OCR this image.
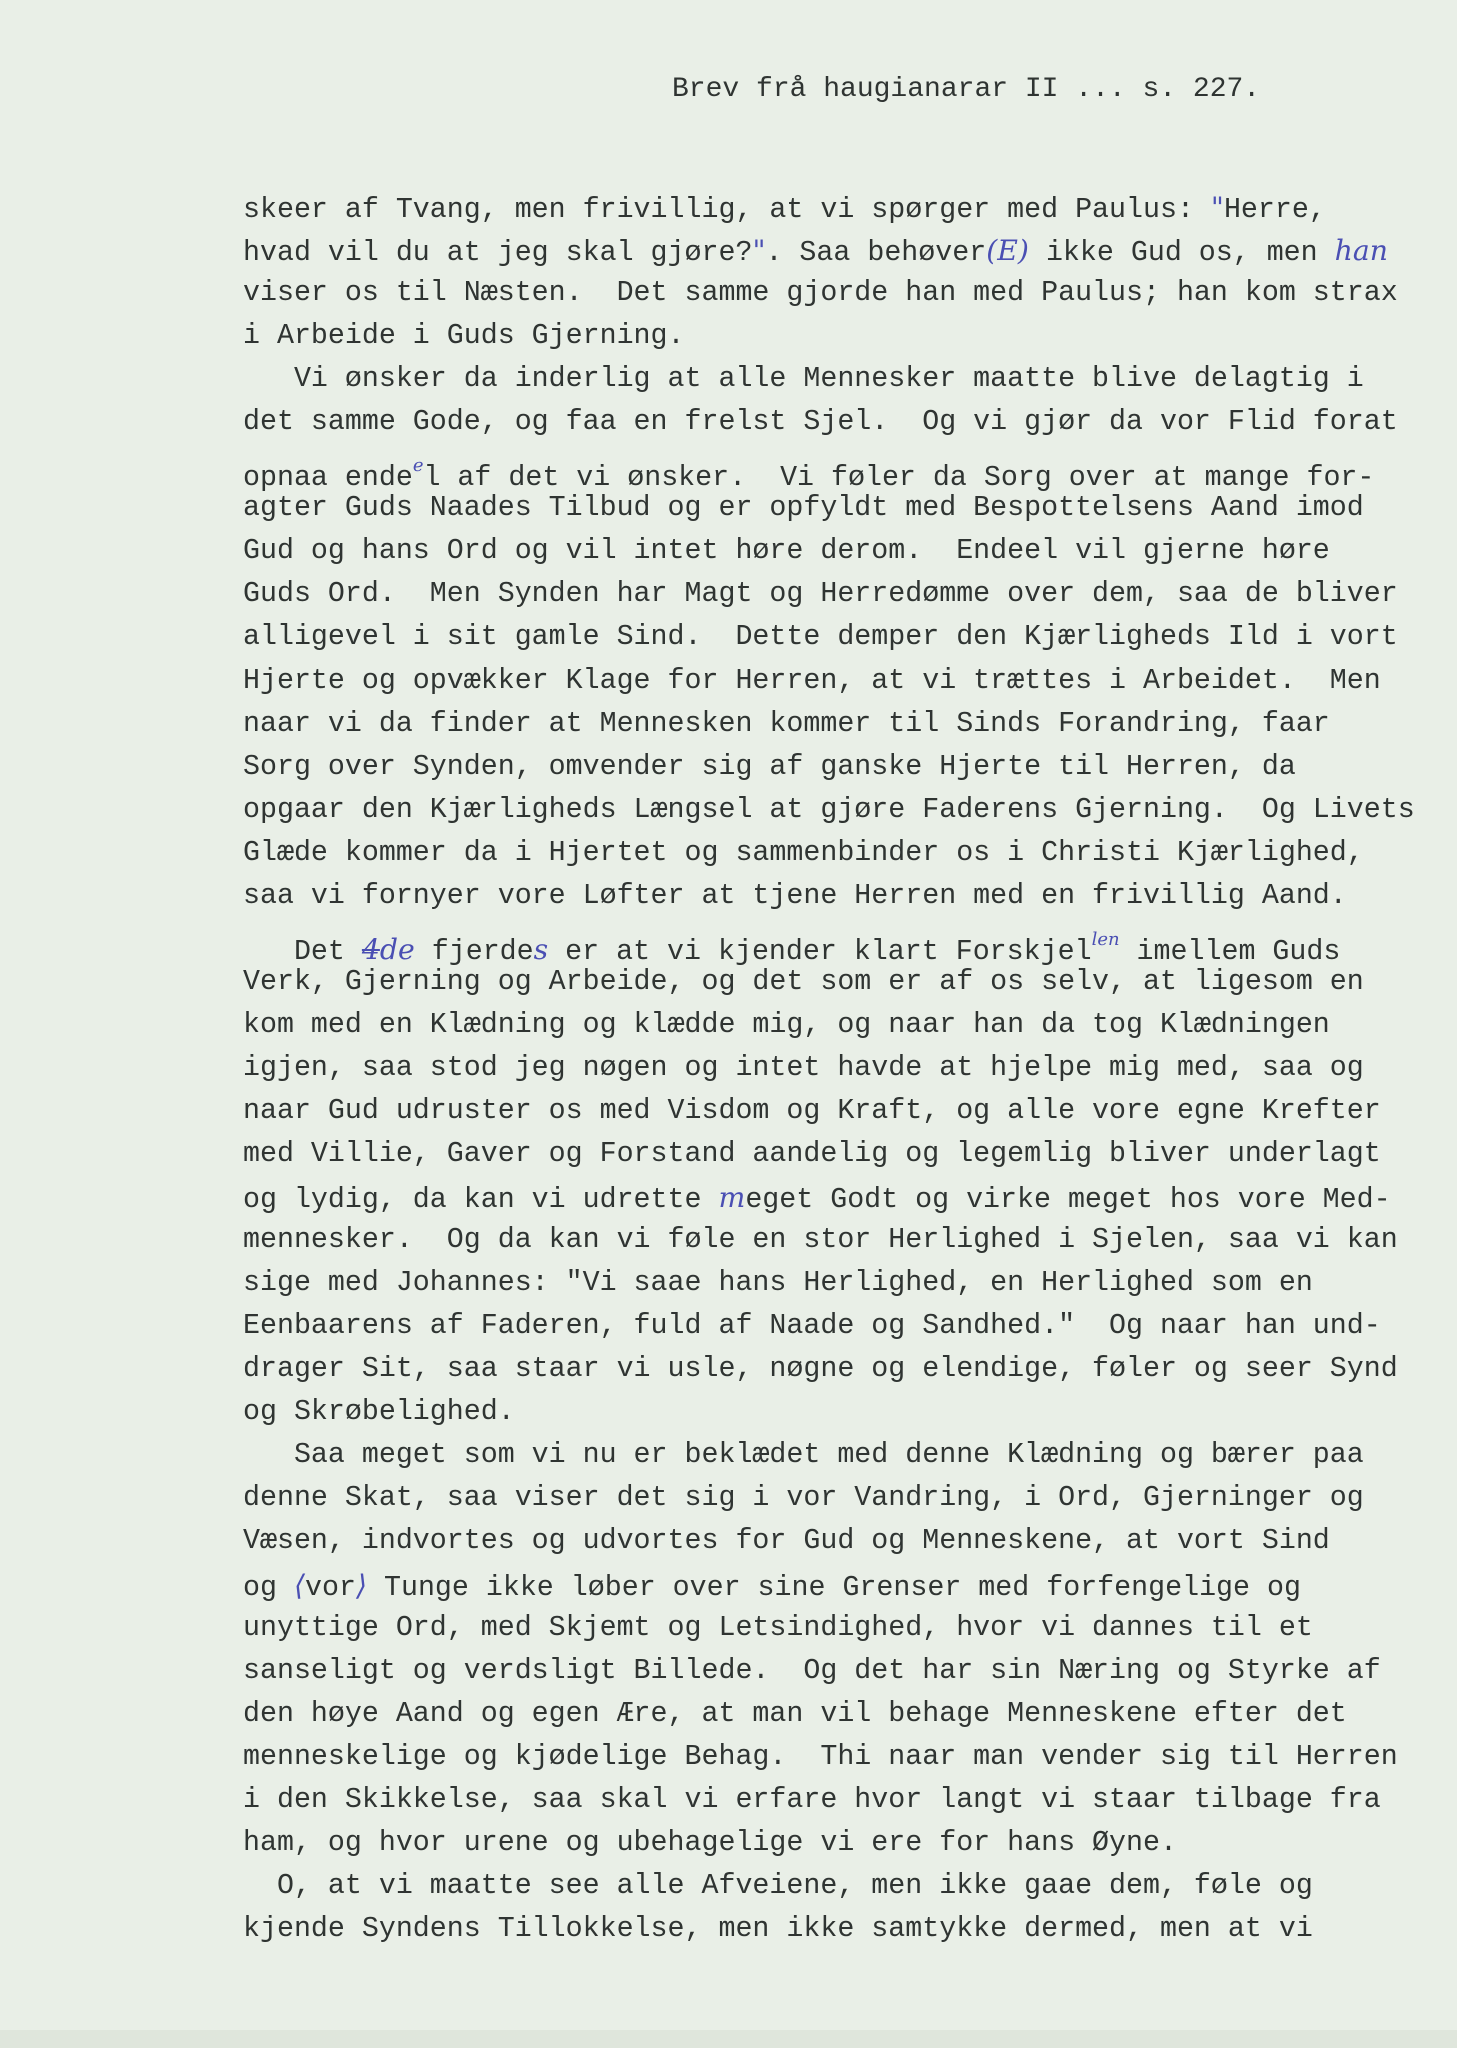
Brev frå haugianarar II ... s. 227.
skeer af Tvang, men frivillig, at vi spørger med Paulus: "Herre,
hvad vil du at jeg skal gjøre?". Saa behøver(E) ikke Gud os, men han
viser os til Næsten.  Det samme gjorde han med Paulus; han kom strax
i Arbeide i Guds Gjerning.
Vi ønsker da inderlig at alle Mennesker maatte blive delagtig i
det samme Gode, og faa en frelst Sjel.  Og vi gjør da vor Flid forat
opnaa ende$^e$l af det vi ønsker.  Vi føler da Sorg over at mange for-
agter Guds Naades Tilbud og er opfyldt med Bespottelsens Aand imod
Gud og hans Ord og vil intet høre derom.  Endeel vil gjerne høre
Guds Ord.  Men Synden har Magt og Herredømme over dem, saa de bliver
alligevel i sit gamle Sind.  Dette demper den Kjærligheds Ild i vort
Hjerte og opvækker Klage for Herren, at vi trættes i Arbeidet.  Men
naar vi da finder at Mennesken kommer til Sinds Forandring, faar
Sorg over Synden, omvender sig af ganske Hjerte til Herren, da
opgaar den Kjærligheds Længsel at gjøre Faderens Gjerning.  Og Livets
Glæde kommer da i Hjertet og sammenbinder os i Christi Kjærlighed,
saa vi fornyer vore Løfter at tjene Herren med en frivillig Aand.
Det 4de fjerdes er at vi kjender klart Forskjel$^{len}$ imellem Guds
Verk, Gjerning og Arbeide, og det som er af os selv, at ligesom en
kom med en Klædning og klædde mig, og naar han da tog Klædningen
igjen, saa stod jeg nøgen og intet havde at hjelpe mig med, saa og
naar Gud udruster os med Visdom og Kraft, og alle vore egne Krefter
med Villie, Gaver og Forstand aandelig og legemlig bliver underlagt
og lydig, da kan vi udrette meget Godt og virke meget hos vore Med-
mennesker.  Og da kan vi føle en stor Herlighed i Sjelen, saa vi kan
sige med Johannes: "Vi saae hans Herlighed, en Herlighed som en
Eenbaarens af Faderen, fuld af Naade og Sandhed."  Og naar han und-
drager Sit, saa staar vi usle, nøgne og elendige, føler og seer Synd
og Skrøbelighed.
Saa meget som vi nu er beklædet med denne Klædning og bærer paa
denne Skat, saa viser det sig i vor Vandring, i Ord, Gjerninger og
Væsen, indvortes og udvortes for Gud og Menneskene, at vort Sind
og ⟨vor⟩ Tunge ikke løber over sine Grenser med forfengelige og
unyttige Ord, med Skjemt og Letsindighed, hvor vi dannes til et
sanseligt og verdsligt Billede.  Og det har sin Næring og Styrke af
den høye Aand og egen Ære, at man vil behage Menneskene efter det
menneskelige og kjødelige Behag.  Thi naar man vender sig til Herren
i den Skikkelse, saa skal vi erfare hvor langt vi staar tilbage fra
ham, og hvor urene og ubehagelige vi ere for hans Øyne.
O, at vi maatte see alle Afveiene, men ikke gaae dem, føle og
kjende Syndens Tillokkelse, men ikke samtykke dermed, men at vi
